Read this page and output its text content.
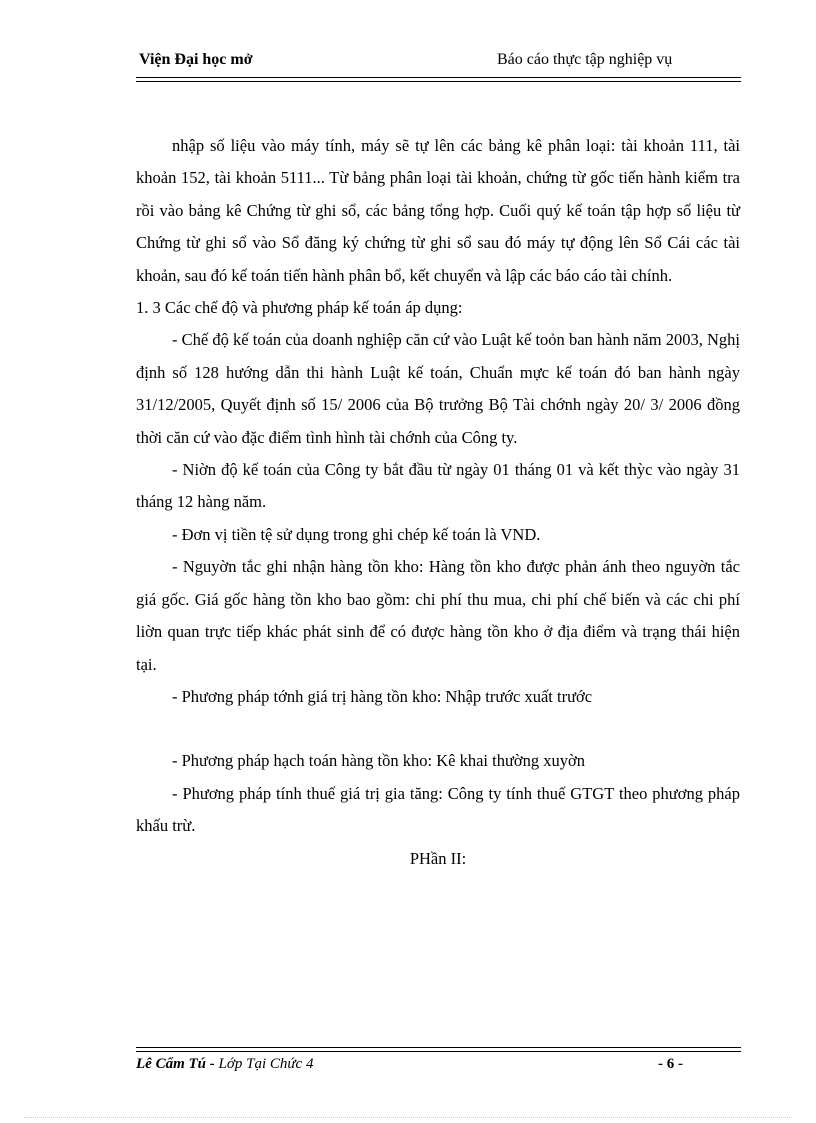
Viện Đại học mở	Báo cáo thực tập nghiệp vụ

nhập số liệu vào máy tính, máy sẽ tự lên các bảng kê phân loại: tài khoản 111, tài khoản 152, tài khoản 5111... Từ bảng phân loại tài khoản, chứng từ gốc tiến hành kiểm tra rồi vào bảng kê Chứng từ ghi sổ, các bảng tổng hợp. Cuối quý kế toán tập hợp số liệu từ Chứng từ ghi sổ vào Sổ đăng ký chứng từ ghi sổ sau đó máy tự động lên Sổ Cái các tài khoản, sau đó kế toán tiến hành phân bổ, kết chuyển và lập các báo cáo tài chính.

1. 3 Các chế độ và phương pháp kế toán áp dụng:

- Chế độ kế toán của doanh nghiệp căn cứ vào Luật kế toỏn ban hành năm 2003, Nghị định số 128 hướng dẫn thi hành Luật kế toán, Chuẩn mực kế toán đó ban hành ngày 31/12/2005, Quyết định số 15/ 2006 của Bộ trưởng Bộ Tài chớnh ngày 20/ 3/ 2006 đồng thời căn cứ vào đặc điểm tình hình tài chớnh của Công ty.

- Niờn độ kế toán của Công ty bắt đầu từ ngày 01 tháng 01 và kết thỳc vào ngày 31 tháng 12 hàng năm.

- Đơn vị tiền tệ sử dụng trong ghi chép kế toán là VND.

- Nguyờn tắc ghi nhận hàng tồn kho: Hàng tồn kho được phản ánh theo nguyờn tắc giá gốc. Giá gốc hàng tồn kho bao gồm: chi phí thu mua, chi phí chế biến và các chi phí liờn quan trực tiếp khác phát sinh để có được hàng tồn kho ở địa điểm và trạng thái hiện tại.

- Phương pháp tớnh giá trị hàng tồn kho: Nhập trước xuất trước

- Phương pháp hạch toán hàng tồn kho: Kê khai thường xuyờn

- Phương pháp tính thuế giá trị gia tăng: Công ty tính thuế GTGT theo phương pháp khấu trừ.

PHần II:

Lê Cẩm Tú - Lớp Tại Chức 4	- 6 -
